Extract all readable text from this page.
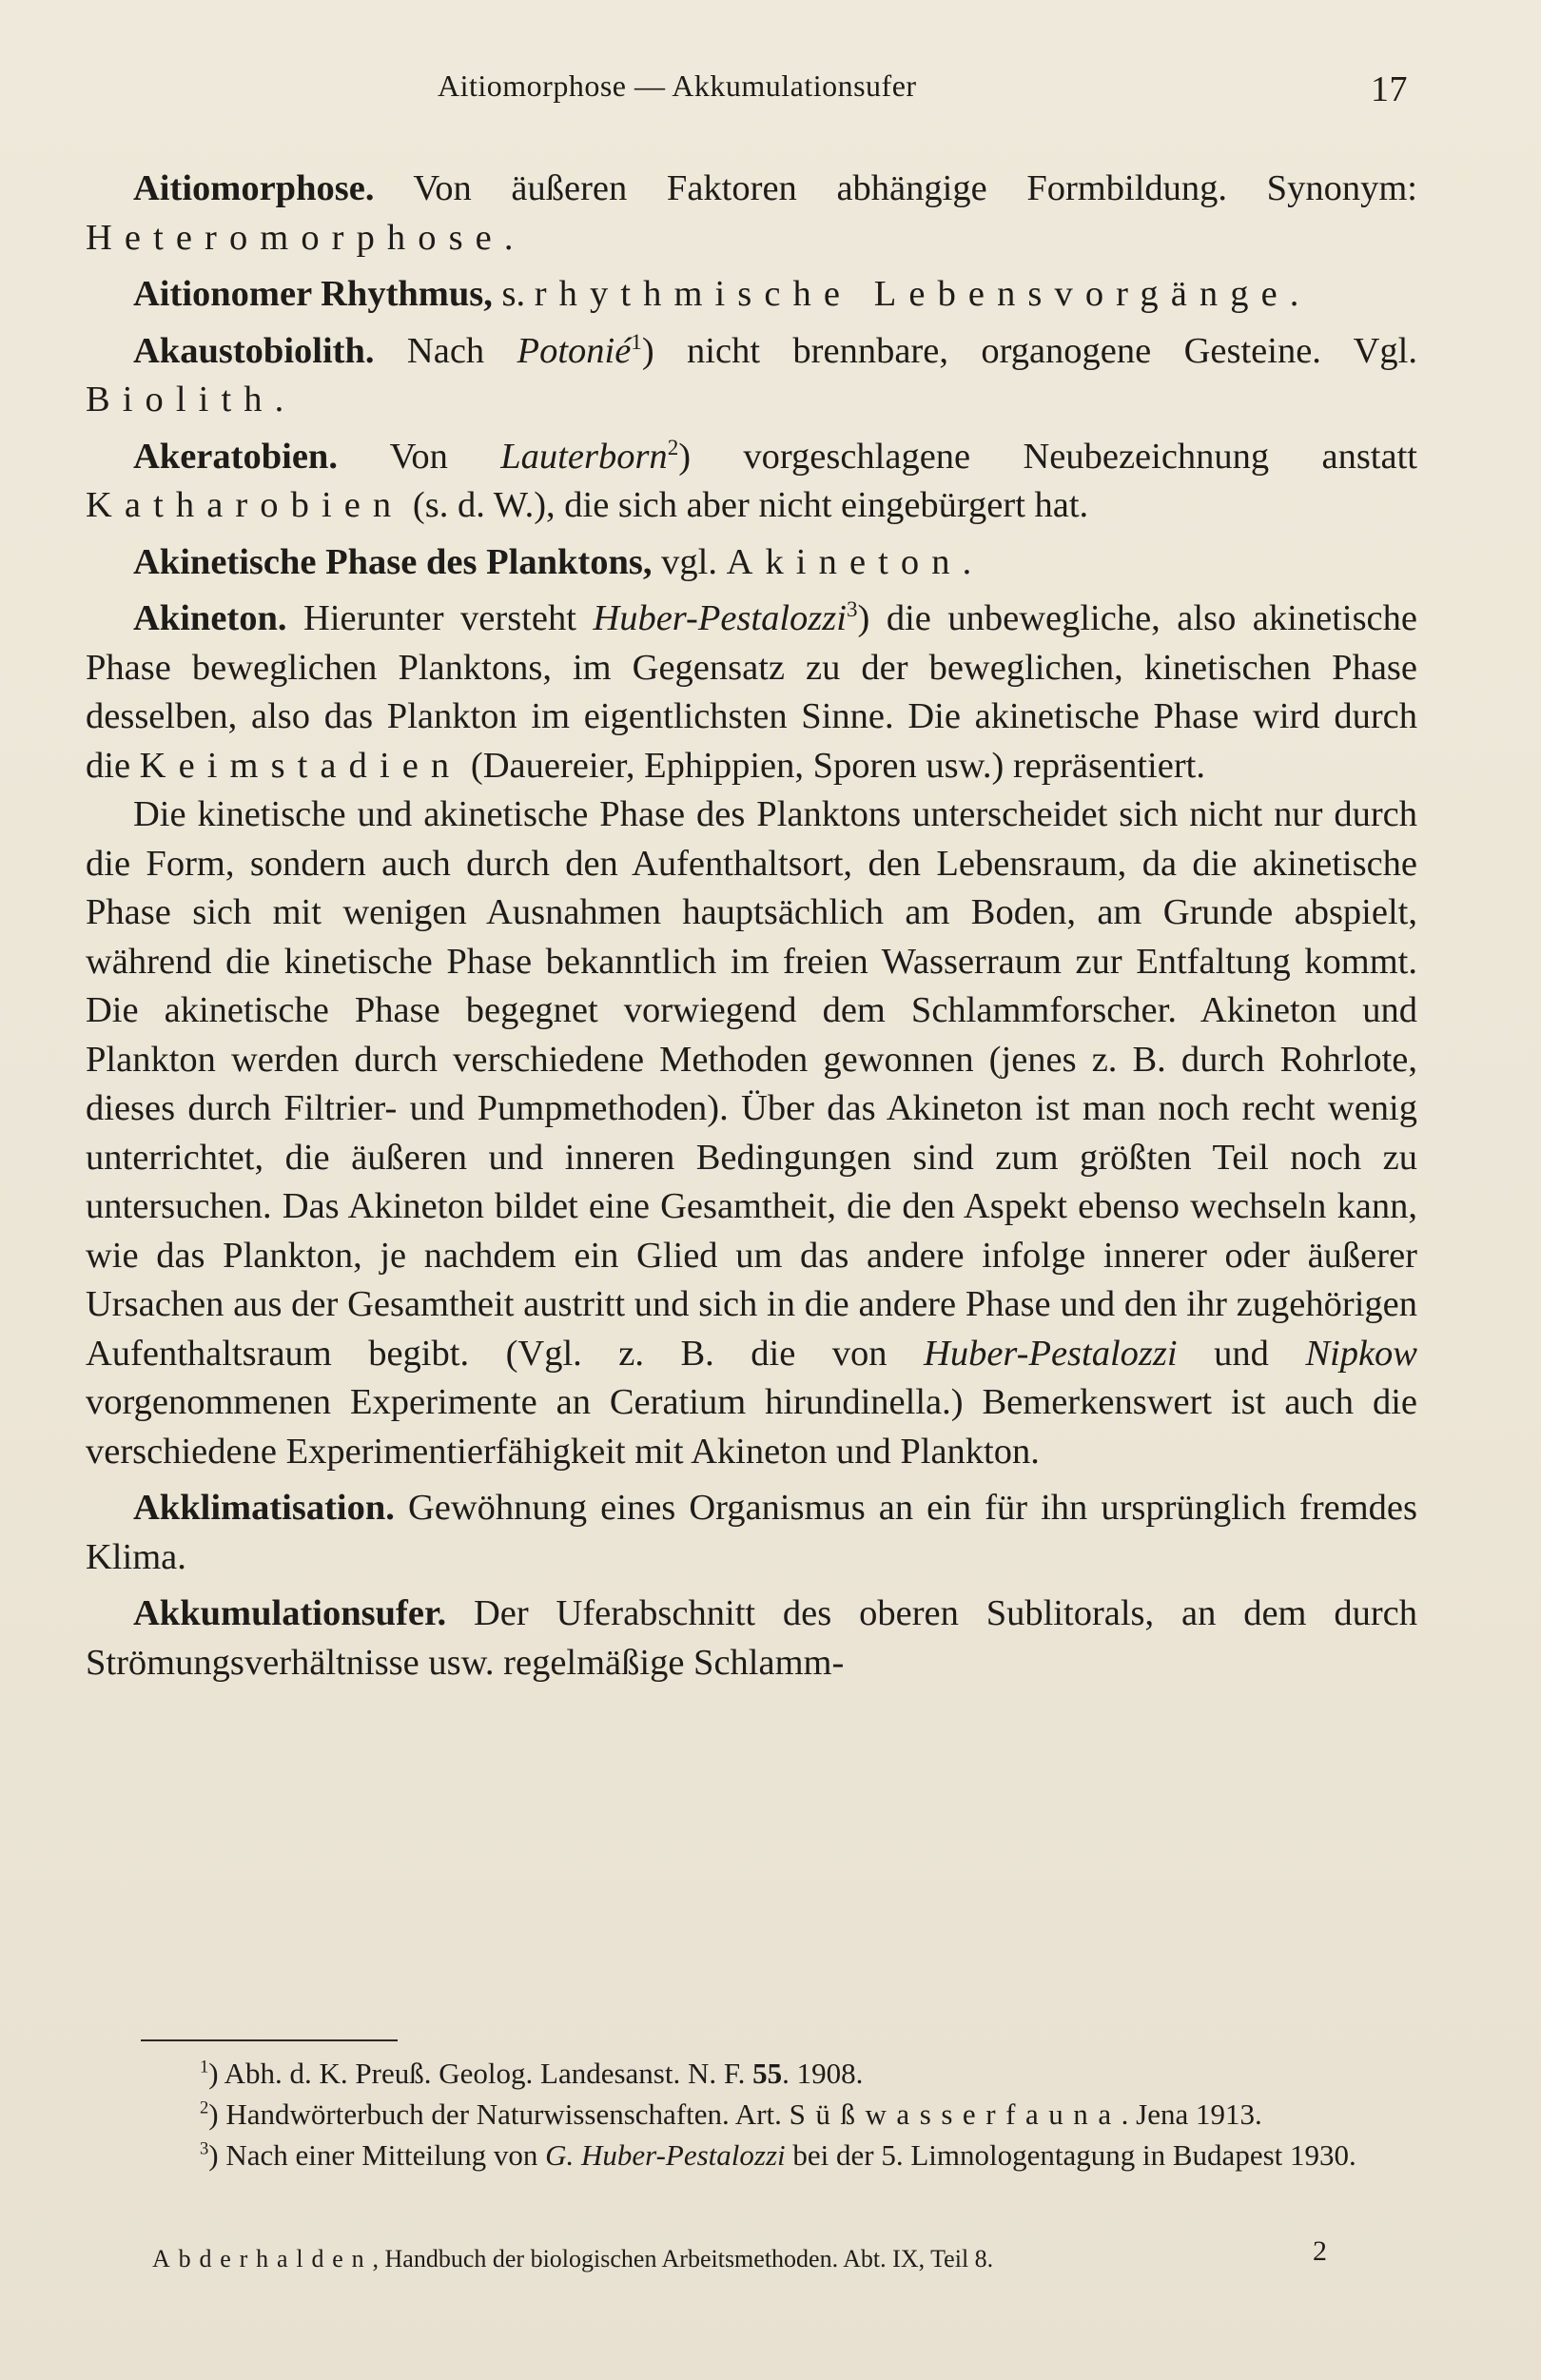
Aitiomorphose — Akkumulationsufer	17

Aitiomorphose. Von äußeren Faktoren abhängige Formbildung. Synonym: Heteromorphose.

Aitionomer Rhythmus, s. rhythmische Lebensvorgänge.

Akaustobiolith. Nach Potonié$^1$) nicht brennbare, organogene Gesteine. Vgl. Biolith.

Akeratobien. Von Lauterborn$^2$) vorgeschlagene Neubezeichnung anstatt Katharobien (s. d. W.), die sich aber nicht eingebürgert hat.

Akinetische Phase des Planktons, vgl. Akineton.

Akineton. Hierunter versteht Huber-Pestalozzi$^3$) die unbewegliche, also akinetische Phase beweglichen Planktons, im Gegensatz zu der beweglichen, kinetischen Phase desselben, also das Plankton im eigentlichsten Sinne. Die akinetische Phase wird durch die Keimstadien (Dauereier, Ephippien, Sporen usw.) repräsentiert.

Die kinetische und akinetische Phase des Planktons unterscheidet sich nicht nur durch die Form, sondern auch durch den Aufenthaltsort, den Lebensraum, da die akinetische Phase sich mit wenigen Ausnahmen hauptsächlich am Boden, am Grunde abspielt, während die kinetische Phase bekanntlich im freien Wasserraum zur Entfaltung kommt. Die akinetische Phase begegnet vorwiegend dem Schlammforscher. Akineton und Plankton werden durch verschiedene Methoden gewonnen (jenes z. B. durch Rohrlote, dieses durch Filtrier- und Pumpmethoden). Über das Akineton ist man noch recht wenig unterrichtet, die äußeren und inneren Bedingungen sind zum größten Teil noch zu untersuchen. Das Akineton bildet eine Gesamtheit, die den Aspekt ebenso wechseln kann, wie das Plankton, je nachdem ein Glied um das andere infolge innerer oder äußerer Ursachen aus der Gesamtheit austritt und sich in die andere Phase und den ihr zugehörigen Aufenthaltsraum begibt. (Vgl. z. B. die von Huber-Pestalozzi und Nipkow vorgenommenen Experimente an Ceratium hirundinella.) Bemerkenswert ist auch die verschiedene Experimentierfähigkeit mit Akineton und Plankton.

Akklimatisation. Gewöhnung eines Organismus an ein für ihn ursprünglich fremdes Klima.

Akkumulationsufer. Der Uferabschnitt des oberen Sublitorals, an dem durch Strömungsverhältnisse usw. regelmäßige Schlamm-

$^1$) Abh. d. K. Preuß. Geolog. Landesanst. N. F. 55. 1908.

$^2$) Handwörterbuch der Naturwissenschaften. Art. Süßwasserfauna. Jena 1913.

$^3$) Nach einer Mitteilung von G. Huber-Pestalozzi bei der 5. Limnologentagung in Budapest 1930.

Abderhalden, Handbuch der biologischen Arbeitsmethoden. Abt. IX, Teil 8.	2
